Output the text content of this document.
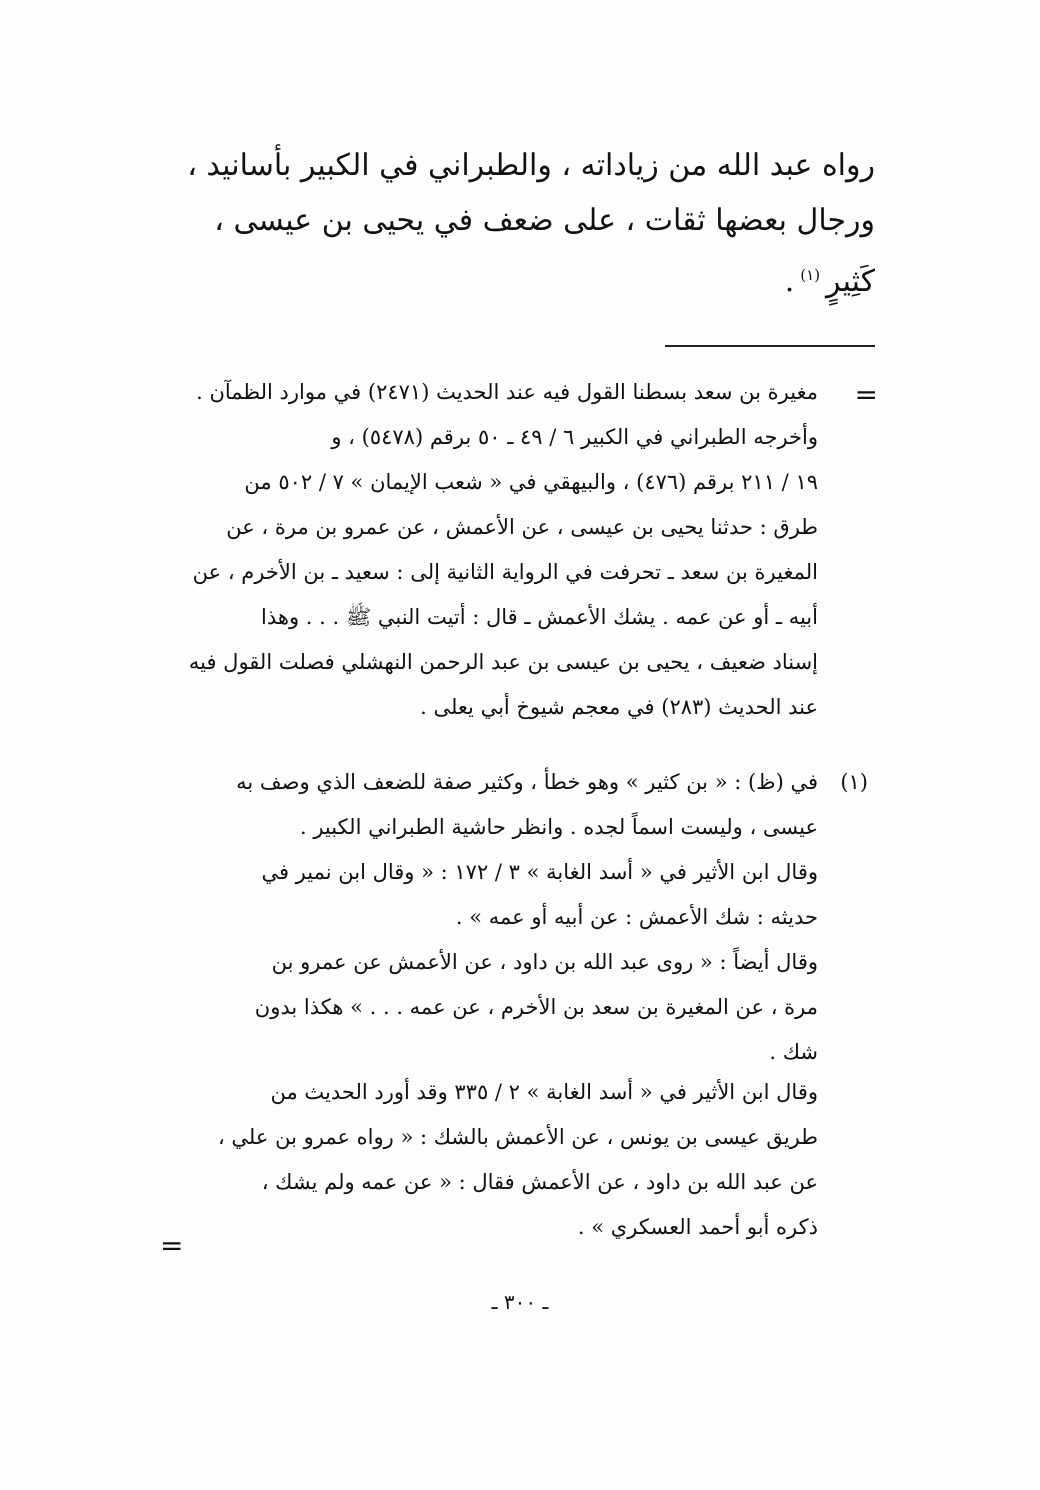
رواه عبد الله من زياداته ، والطبراني في الكبير بأسانيد ،

ورجال بعضها ثقات ، على ضعف في يحيى بن عيسى ،

كَثِيرٍ$^{(١)}$.

=

مغيرة بن سعد بسطنا القول فيه عند الحديث (٢٤٧١) في موارد الظمآن .

وأخرجه الطبراني في الكبير ٦ / ٤٩ ـ ٥٠ برقم (٥٤٧٨) ، و

١٩ / ٢١١ برقم (٤٧٦) ، والبيهقي في « شعب الإيمان » ٧ / ٥٠٢ من

طرق : حدثنا يحيى بن عيسى ، عن الأعمش ، عن عمرو بن مرة ، عن

المغيرة بن سعد ـ تحرفت في الرواية الثانية إلى : سعيد ـ بن الأخرم ، عن

أبيه ـ أو عن عمه . يشك الأعمش ـ قال : أتيت النبي ﷺ . . . وهذا

إسناد ضعيف ، يحيى بن عيسى بن عبد الرحمن النهشلي فصلت القول فيه

عند الحديث (٢٨٣) في معجم شيوخ أبي يعلى .

(١)

في (ظ) : « بن كثير » وهو خطأ ، وكثير صفة للضعف الذي وصف به

عيسى ، وليست اسماً لجده . وانظر حاشية الطبراني الكبير .

وقال ابن الأثير في « أسد الغابة » ٣ / ١٧٢ : « وقال ابن نمير في

حديثه : شك الأعمش : عن أبيه أو عمه » .

وقال أيضاً : « روى عبد الله بن داود ، عن الأعمش عن عمرو بن

مرة ، عن المغيرة بن سعد بن الأخرم ، عن عمه . . . » هكذا بدون

شك .

وقال ابن الأثير في « أسد الغابة » ٢ / ٣٣٥ وقد أورد الحديث من

طريق عيسى بن يونس ، عن الأعمش بالشك : « رواه عمرو بن علي ،

عن عبد الله بن داود ، عن الأعمش فقال : « عن عمه ولم يشك ،

ذكره أبو أحمد العسكري » .

=
ـ ٣٠٠ ـ
